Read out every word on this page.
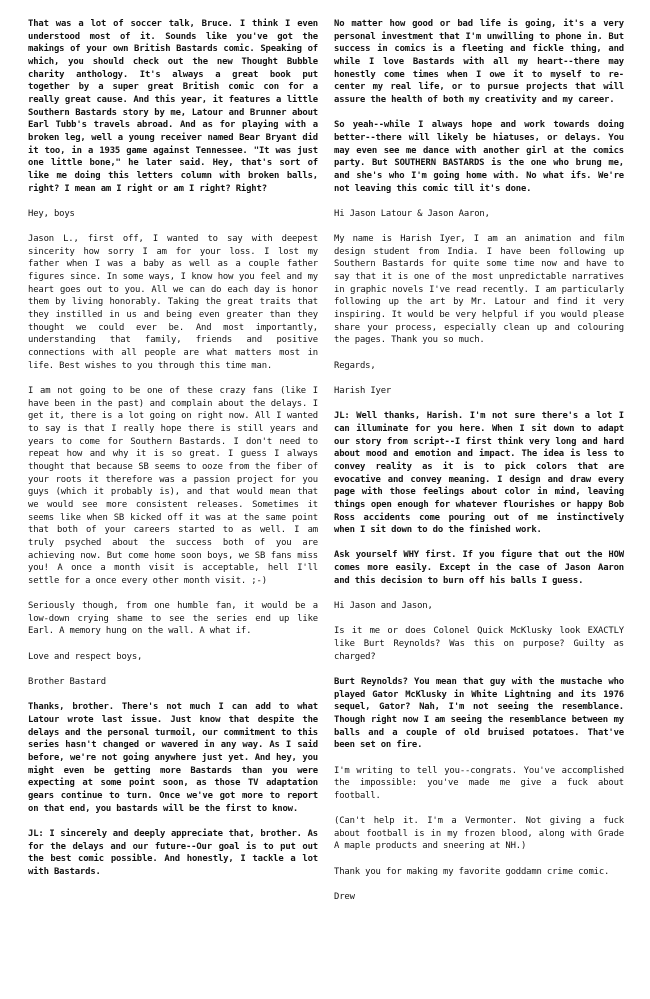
That was a lot of soccer talk, Bruce. I think I even understood most of it. Sounds like you've got the makings of your own British Bastards comic. Speaking of which, you should check out the new Thought Bubble charity anthology. It's always a great book put together by a super great British comic con for a really great cause. And this year, it features a little Southern Bastards story by me, Latour and Brunner about Earl Tubb's travels abroad. And as for playing with a broken leg, well a young receiver named Bear Bryant did it too, in a 1935 game against Tennessee. "It was just one little bone," he later said. Hey, that's sort of like me doing this letters column with broken balls, right? I mean am I right or am I right? Right?

Hey, boys

Jason L., first off, I wanted to say with deepest sincerity how sorry I am for your loss. I lost my father when I was a baby as well as a couple father figures since. In some ways, I know how you feel and my heart goes out to you. All we can do each day is honor them by living honorably. Taking the great traits that they instilled in us and being even greater than they thought we could ever be. And most importantly, understanding that family, friends and positive connections with all people are what matters most in life. Best wishes to you through this time man.

I am not going to be one of these crazy fans (like I have been in the past) and complain about the delays. I get it, there is a lot going on right now. All I wanted to say is that I really hope there is still years and years to come for Southern Bastards. I don't need to repeat how and why it is so great. I guess I always thought that because SB seems to ooze from the fiber of your roots it therefore was a passion project for you guys (which it probably is), and that would mean that we would see more consistent releases. Sometimes it seems like when SB kicked off it was at the same point that both of your careers started to as well. I am truly psyched about the success both of you are achieving now. But come home soon boys, we SB fans miss you! A once a month visit is acceptable, hell I'll settle for a once every other month visit. ;-)

Seriously though, from one humble fan, it would be a low-down crying shame to see the series end up like Earl. A memory hung on the wall. A what if.

Love and respect boys,

Brother Bastard

Thanks, brother. There's not much I can add to what Latour wrote last issue. Just know that despite the delays and the personal turmoil, our commitment to this series hasn't changed or wavered in any way. As I said before, we're not going anywhere just yet. And hey, you might even be getting more Bastards than you were expecting at some point soon, as those TV adaptation gears continue to turn. Once we've got more to report on that end, you bastards will be the first to know.

JL: I sincerely and deeply appreciate that, brother. As for the delays and our future--Our goal is to put out the best comic possible. And honestly, I tackle a lot with Bastards.

No matter how good or bad life is going, it's a very personal investment that I'm unwilling to phone in. But success in comics is a fleeting and fickle thing, and while I love Bastards with all my heart--there may honestly come times when I owe it to myself to re-center my real life, or to pursue projects that will assure the health of both my creativity and my career.

So yeah--while I always hope and work towards doing better--there will likely be hiatuses, or delays. You may even see me dance with another girl at the comics party. But SOUTHERN BASTARDS is the one who brung me, and she's who I'm going home with. No what ifs. We're not leaving this comic till it's done.

Hi Jason Latour & Jason Aaron,

My name is Harish Iyer, I am an animation and film design student from India. I have been following up Southern Bastards for quite some time now and have to say that it is one of the most unpredictable narratives in graphic novels I've read recently. I am particularly following up the art by Mr. Latour and find it very inspiring. It would be very helpful if you would please share your process, especially clean up and colouring the pages. Thank you so much.

Regards,

Harish Iyer

JL: Well thanks, Harish. I'm not sure there's a lot I can illuminate for you here. When I sit down to adapt our story from script--I first think very long and hard about mood and emotion and impact. The idea is less to convey reality as it is to pick colors that are evocative and convey meaning. I design and draw every page with those feelings about color in mind, leaving things open enough for whatever flourishes or happy Bob Ross accidents come pouring out of me instinctively when I sit down to do the finished work.

Ask yourself WHY first. If you figure that out the HOW comes more easily. Except in the case of Jason Aaron and this decision to burn off his balls I guess.

Hi Jason and Jason,

Is it me or does Colonel Quick McKlusky look EXACTLY like Burt Reynolds? Was this on purpose? Guilty as charged?

Burt Reynolds? You mean that guy with the mustache who played Gator McKlusky in White Lightning and its 1976 sequel, Gator? Nah, I'm not seeing the resemblance. Though right now I am seeing the resemblance between my balls and a couple of old bruised potatoes. That've been set on fire.

I'm writing to tell you--congrats. You've accomplished the impossible: you've made me give a fuck about football.

(Can't help it. I'm a Vermonter. Not giving a fuck about football is in my frozen blood, along with Grade A maple products and sneering at NH.)

Thank you for making my favorite goddamn crime comic.

Drew
